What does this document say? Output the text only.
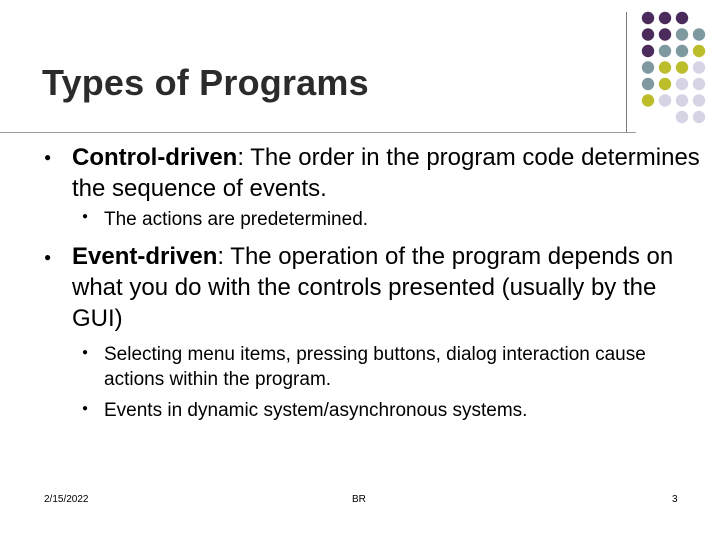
Types of Programs
● Control-driven: The order in the program code determines the sequence of events.
● The actions are predetermined.
● Event-driven: The operation of the program depends on what you do with the controls presented (usually by the GUI)
● Selecting menu items, pressing buttons, dialog interaction cause actions within the program.
● Events in dynamic system/asynchronous systems.
2/15/2022	BR	3
